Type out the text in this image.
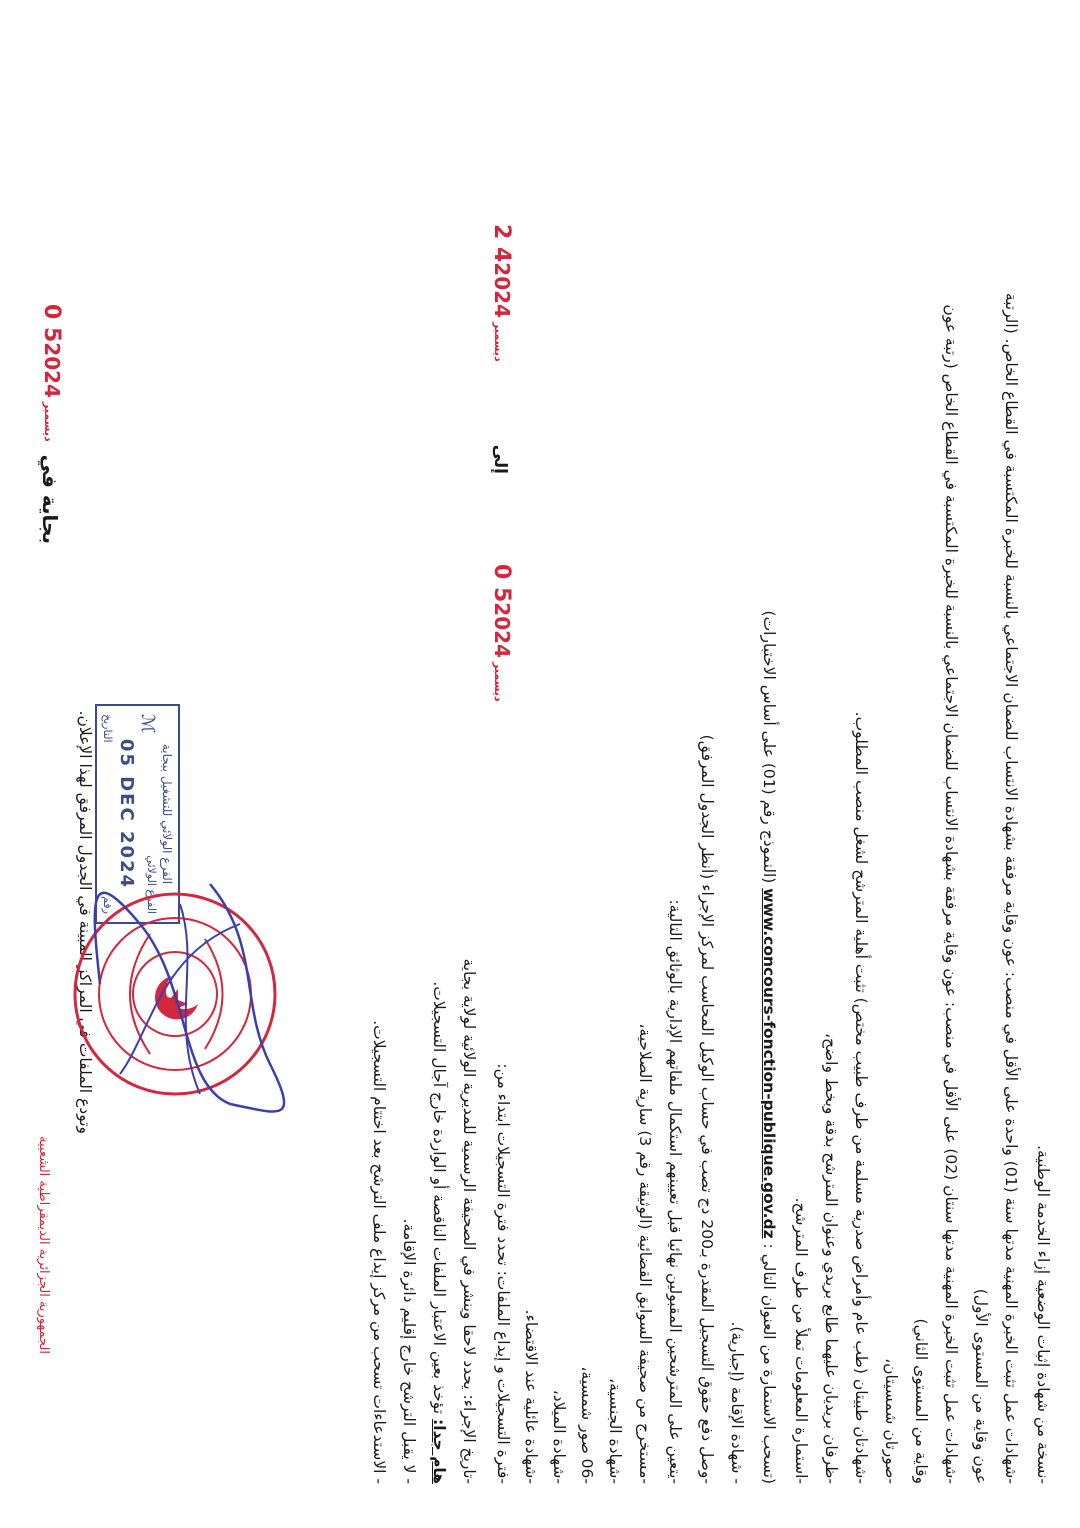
-نسخة من شهادة إثبات الوضعية إزاء الخدمة الوطنية.
-شهادات عمل تثبت الخبرة المهنية مدتها سنة (01) واحدة على الأقل في منصب: عون وقاية مرفقة بشهادة الانتساب للضمان الاجتماعي بالنسبة للخبرة المكتسبة في القطاع الخاص. (الرتبة
عون وقاية من المستوى الأول)
-شهادات عمل تثبت الخبرة المهنية مدتها سنتان (02) على الأقل في منصب: عون وقاية مرفقة بشهادة الانتساب للضمان الاجتماعي بالنسبة للخبرة المكتسبة في القطاع الخاص (رتبة عون
وقاية من المستوى الثاني)
-صورتان شمسيتان،
-شهادتان طبيتان (طب عام وأمراض صدرية مسلمة من طرف طبيب مختص) تثبت أهلية المترشح لشغل منصب المطلوب.
-ظرفان بريديان عليهما طابع بريدي وعنوان المترشح بدقة وبخط واضح،
-استمارة المعلومات تملأ من طرف المترشح.
(تسحب الاستمارة من العنوان التالي : www.concours-fonction-publique.gov.dz (النموذج رقم (01) على أساس الاختبارات)
- شهادة الإقامة (إجبارية).
-وصل دفع حقوق التسجيل المقدرة بـ200 دج تصب في حساب الوكيل المحاسب لمركز الإجراء (أنظر الجدول المرفق)
-يتعين على المترشحين المقبولين نهائيا قبل تعيينهم استكمال ملفاتهم الإدارية بالوثائق التالية:
-مستخرج من صحيفة السوابق القضائية (الوثيقة رقم 3) سارية الصلاحية،
-شهادة الجنسية،
-06 صور شمسية،
-شهادة الميلاد،
-شهادة عائلية عند الاقتضاء.
-فترة التسجيلات و إيداع الملفات: تحدد فترة التسجيلات ابتداء من:
0 5ديسمبر2024
إلى
2 4ديسمبر2024
-تاريخ الإجراء: يحدد لاحقا وينشر في الصحيفة الرسمية للمديرية الولائية لولاية بجاية
هام جدا: تؤخذ بعين الاعتبار الملفات الناقصة أو الواردة خارج آجال التسجيلات.
- لا يقبل الترشح خارج إقليم دائرة الإقامة.
- الاستدعاءات تسحب من مركز إيداع ملف الترشح بعد اختتام التسجيلات.
وتودع الملفات في المراكز المبينة في الجدول المرفق لهذا الإعلان.
بجاية في
0 5ديسمبر2024
الفرع الولائي للتشغيل ببجاية
الفرع الولائي
ℳ
05 DEC 2024
رقم
التاريخ
الجمهورية الجزائرية الديمقراطية الشعبية
